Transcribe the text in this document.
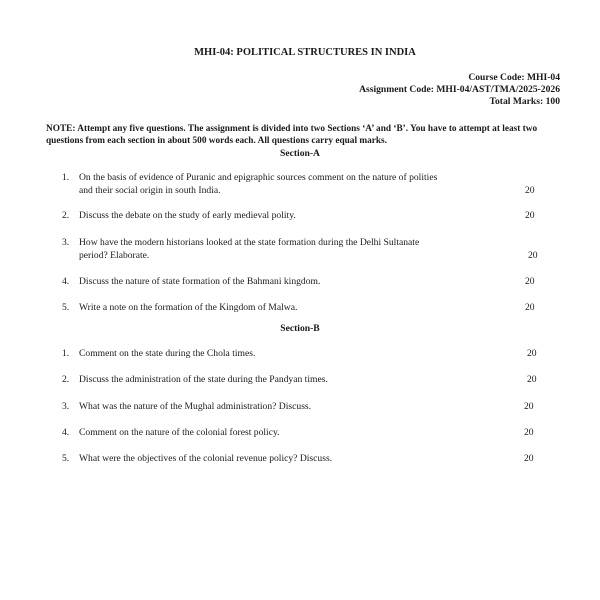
MHI-04: POLITICAL STRUCTURES IN INDIA
Course Code: MHI-04
Assignment Code: MHI-04/AST/TMA/2025-2026
Total Marks: 100
NOTE: Attempt any five questions. The assignment is divided into two Sections ‘A’ and ‘B’. You have to attempt at least two questions from each section in about 500 words each. All questions carry equal marks.
Section-A
1.	On the basis of evidence of Puranic and epigraphic sources comment on the nature of polities and their social origin in south India.	20
2.	Discuss the debate on the study of early medieval polity.	20
3.	How have the modern historians looked at the state formation during the Delhi Sultanate period? Elaborate.	20
4.	Discuss the nature of state formation of the Bahmani kingdom.	20
5.	Write a note on the formation of the Kingdom of Malwa.	20
Section-B
1.	Comment on the state during the Chola times.	20
2.	Discuss the administration of the state during the Pandyan times.	20
3.	What was the nature of the Mughal administration? Discuss.	20
4.	Comment on the nature of the colonial forest policy.	20
5.	What were the objectives of the colonial revenue policy? Discuss.	20
